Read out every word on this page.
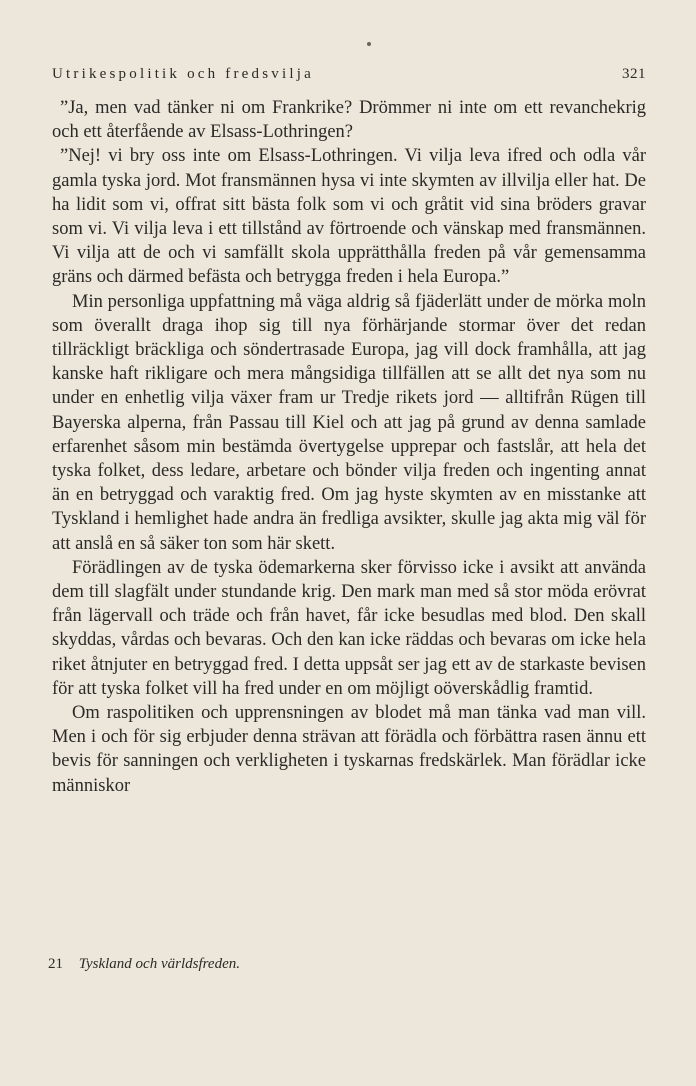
Utrikespolitik och fredsvilja	321

”Ja, men vad tänker ni om Frankrike? Drömmer ni inte om ett revanchekrig och ett återfående av Elsass-Lothringen?

”Nej! vi bry oss inte om Elsass-Lothringen. Vi vilja leva ifred och odla vår gamla tyska jord. Mot fransmännen hysa vi inte skymten av illvilja eller hat. De ha lidit som vi, offrat sitt bästa folk som vi och gråtit vid sina bröders gravar som vi. Vi vilja leva i ett tillstånd av förtroende och vänskap med fransmännen. Vi vilja att de och vi samfällt skola upprätthålla freden på vår gemensamma gräns och därmed befästa och betrygga freden i hela Europa.”

Min personliga uppfattning må väga aldrig så fjäderlätt under de mörka moln som överallt draga ihop sig till nya förhärjande stormar över det redan tillräckligt bräckliga och söndertrasade Europa, jag vill dock framhålla, att jag kanske haft rikligare och mera mångsidiga tillfällen att se allt det nya som nu under en enhetlig vilja växer fram ur Tredje rikets jord — alltifrån Rügen till Bayerska alperna, från Passau till Kiel och att jag på grund av denna samlade erfarenhet såsom min bestämda övertygelse upprepar och fastslår, att hela det tyska folket, dess ledare, arbetare och bönder vilja freden och ingenting annat än en betryggad och varaktig fred. Om jag hyste skymten av en misstanke att Tyskland i hemlighet hade andra än fredliga avsikter, skulle jag akta mig väl för att anslå en så säker ton som här skett.

Förädlingen av de tyska ödemarkerna sker förvisso icke i avsikt att använda dem till slagfält under stundande krig. Den mark man med så stor möda erövrat från lägervall och träde och från havet, får icke besudlas med blod. Den skall skyddas, vårdas och bevaras. Och den kan icke räddas och bevaras om icke hela riket åtnjuter en betryggad fred. I detta uppsåt ser jag ett av de starkaste bevisen för att tyska folket vill ha fred under en om möjligt oöverskådlig framtid.

Om raspolitiken och upprensningen av blodet må man tänka vad man vill. Men i och för sig erbjuder denna strävan att förädla och förbättra rasen ännu ett bevis för sanningen och verkligheten i tyskarnas fredskärlek. Man förädlar icke människor

21 Tyskland och världsfreden.
